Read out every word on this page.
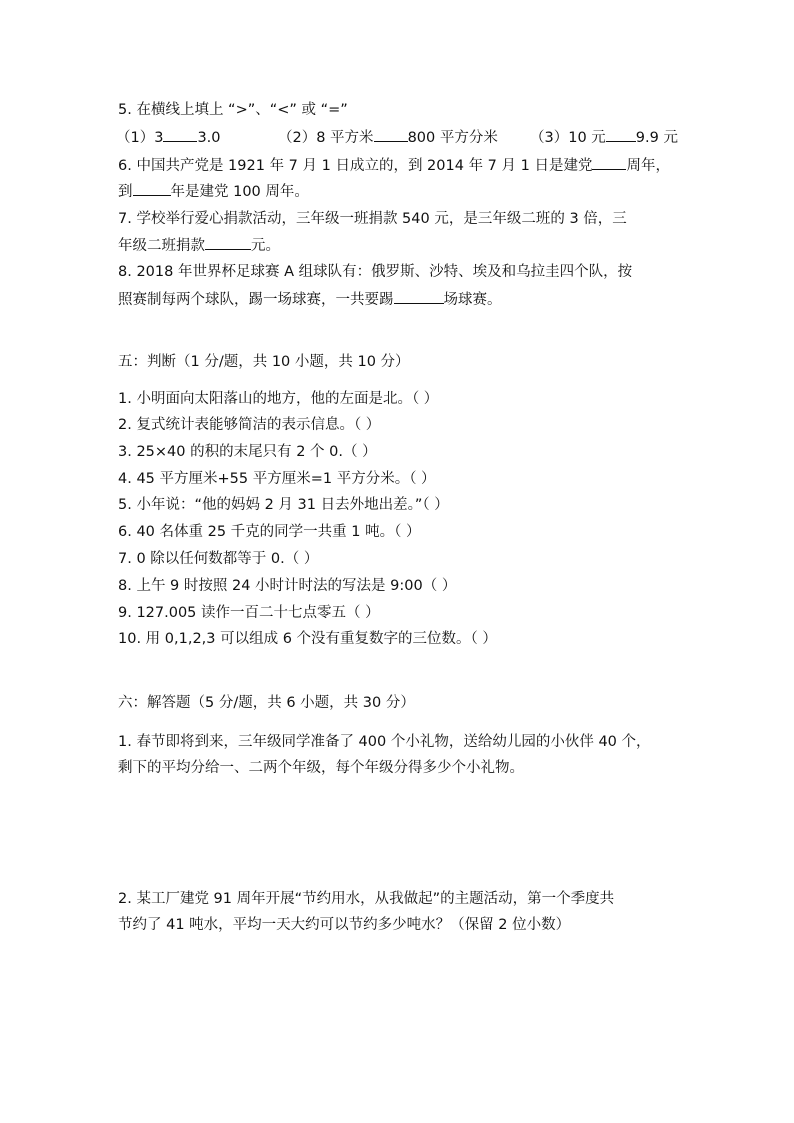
5. 在横线上填上 “>”、“<” 或 “=”
（1）3 3.0	（2）8 平方米 800 平方分米 （3）10 元 9.9 元
6. 中国共产党是 1921 年 7 月 1 日成立的，到 2014 年 7 月 1 日是建党 周年，
到	年是建党 100 周年。
7. 学校举行爱心捐款活动，三年级一班捐款 540 元，是三年级二班的 3 倍，三
年级二班捐款	元。
8. 2018 年世界杯足球赛 A 组球队有：俄罗斯、沙特、埃及和乌拉圭四个队，按
照赛制每两个球队，踢一场球赛，一共要踢	场球赛。
五：判断（1 分/题，共 10 小题，共 10 分）
1. 小明面向太阳落山的地方，他的左面是北。（ ）
2. 复式统计表能够简洁的表示信息。（ ）
3. 25×40 的积的末尾只有 2 个 0.（ ）
4. 45 平方厘米+55 平方厘米=1 平方分米。（ ）
5. 小年说：“他的妈妈 2 月 31 日去外地出差。”（ ）
6. 40 名体重 25 千克的同学一共重 1 吨。（ ）
7. 0 除以任何数都等于 0.（ ）
8. 上午 9 时按照 24 小时计时法的写法是 9:00（ ）
9. 127.005 读作一百二十七点零五（ ）
10. 用 0,1,2,3 可以组成 6 个没有重复数字的三位数。（ ）
六：解答题（5 分/题，共 6 小题，共 30 分）
1. 春节即将到来，三年级同学准备了 400 个小礼物，送给幼儿园的小伙伴 40 个，
剩下的平均分给一、二两个年级，每个年级分得多少个小礼物。
2. 某工厂建党 91 周年开展“节约用水，从我做起”的主题活动，第一个季度共
节约了 41 吨水，平均一天大约可以节约多少吨水？（保留 2 位小数）
